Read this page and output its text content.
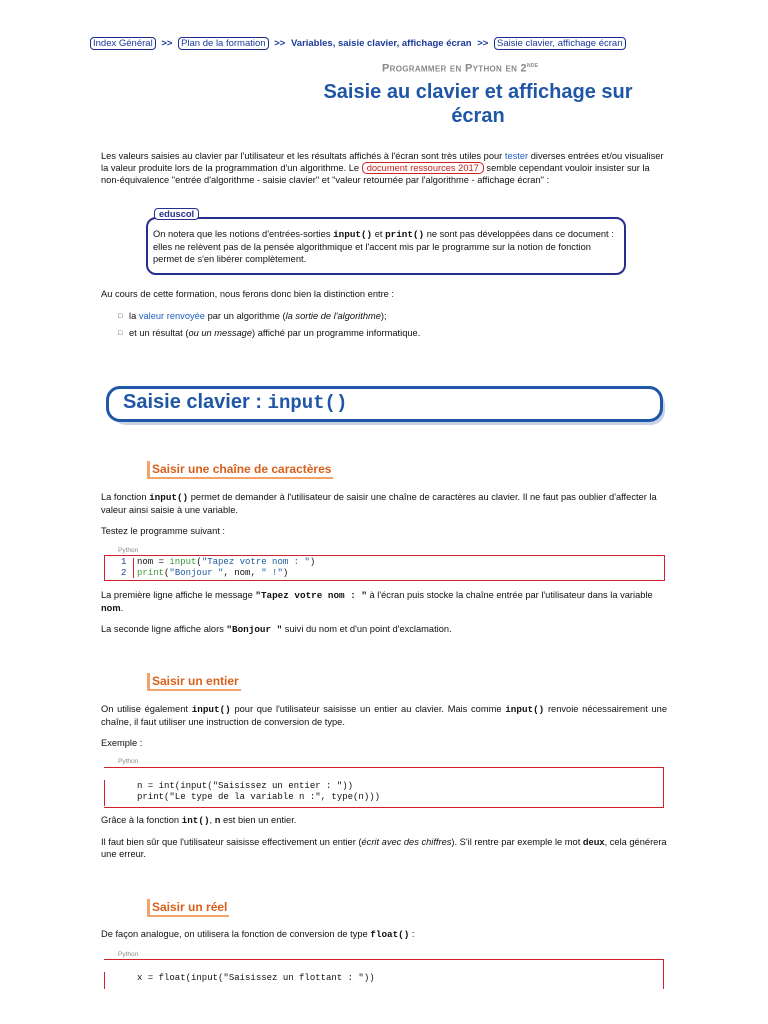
Index Général >> Plan de la formation >> Variables, saisie clavier, affichage écran >> Saisie clavier, affichage écran
Programmer en Python en 2nde
Saisie au clavier et affichage sur écran

Les valeurs saisies au clavier par l'utilisateur et les résultats affichés à l'écran sont très utiles pour tester diverses entrées et/ou visualiser la valeur produite lors de la programmation d'un algorithme. Le document ressources 2017 semble cependant vouloir insister sur la non-équivalence "entrée d'algorithme - saisie clavier" et "valeur retournée par l'algorithme - affichage écran" :

eduscol

On notera que les notions d'entrées-sorties input() et print() ne sont pas développées dans ce document : elles ne relèvent pas de la pensée algorithmique et l'accent mis par le programme sur la notion de fonction permet de s'en libérer complètement.

Au cours de cette formation, nous ferons donc bien la distinction entre :

□ la valeur renvoyée par un algorithme (la sortie de l'algorithme);
□ et un résultat (ou un message) affiché par un programme informatique.
Saisie clavier : input()
Saisir une chaîne de caractères

La fonction input() permet de demander à l'utilisateur de saisir une chaîne de caractères au clavier. Il ne faut pas oublier d'affecter la valeur ainsi saisie à une variable.

Testez le programme suivant :

Python
1
2
nom = input("Tapez votre nom : ")
print("Bonjour ", nom, " !")

La première ligne affiche le message "Tapez votre nom : " à l'écran puis stocke la chaîne entrée par l'utilisateur dans la variable nom.

La seconde ligne affiche alors "Bonjour " suivi du nom et d'un point d'exclamation.

Saisir un entier

On utilise également input() pour que l'utilisateur saisisse un entier au clavier. Mais comme input() renvoie nécessairement une chaîne, il faut utiliser une instruction de conversion de type.

Exemple :

Python
n = int(input("Saisissez un entier : "))
print("Le type de la variable n :", type(n)))

Grâce à la fonction int(), n est bien un entier.

Il faut bien sûr que l'utilisateur saisisse effectivement un entier (écrit avec des chiffres). S'il rentre par exemple le mot deux, cela générera une erreur.

Saisir un réel

De façon analogue, on utilisera la fonction de conversion de type float() :

Python
x = float(input("Saisissez un flottant : "))
